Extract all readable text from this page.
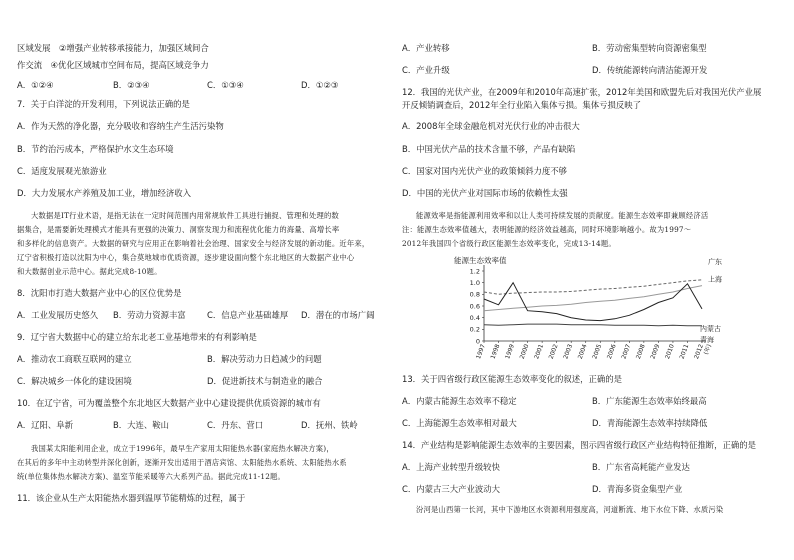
区域发展　②增强产业转移承接能力，加强区域间合
作交流　④优化区域城市空间布局，提高区域竞争力
A．①②④	B．②③④	C．①③④	D．①②③
7．关于白洋淀的开发利用，下列说法正确的是
A．作为天然的净化器，充分吸收和容纳生产生活污染物
B．节约治污成本，严格保护水文生态环境
C．适度发展观光旅游业
D．大力发展水产养殖及加工业，增加经济收入
大数据是IT行业术语，是指无法在一定时间范围内用常规软件工具进行捕捉、管理和处理的数
据集合，是需要新处理模式才能具有更强的决策力、洞察发现力和流程优化能力的海量、高增长率
和多样化的信息资产。大数据的研究与应用正在影响着社会治理、国家安全与经济发展的新动能。近年来，
辽宁省积极打造以沈阳为中心，集合莫地城市优质资源，逐步建设面向整个东北地区的大数据产业中心
和大数据创业示范中心。据此完成8-10题。
8．沈阳市打造大数据产业中心的区位优势是
A．工业发展历史悠久 B．劳动力资源丰富	C．信息产业基础雄厚 D．潜在的市场广阔
9．辽宁省大数据中心的建立给东北老工业基地带来的有利影响是
A．推动农工商联互联网的建立	B．解决劳动力日趋减少的问题
C．解决城乡一体化的建设困境	D．促进新技术与制造业的融合
10．在辽宁省，可为覆盖整个东北地区大数据产业中心建设提供优质资源的城市有
A．辽阳、阜新	B．大连、鞍山	C．丹东、营口	D．抚州、铁岭
我国某太阳能利用企业，成立于1996年，最早生产家用太阳能热水器(家庭热水解决方案)，
在其后的多年中主动转型并深化创新，逐渐开发出适用于酒店宾馆、太阳能热水系统、太阳能热水系
统(单位集体热水解决方案)、温室节能采暖等六大系列产品。据此完成11-12题。
11．该企业从生产太阳能热水器到温厚节能精炼的过程，属于
A．产业转移	B．劳动密集型转向资源密集型
C．产业升级	D．传统能源转向清洁能源开发
12．我国的光伏产业，在2009年和2010年高速扩张，2012年美国和欧盟先后对我国光伏产业展
开反倾销调查后，2012年全行业陷入集体亏损。集体亏损反映了
A．2008年全球金融危机对光伏行业的冲击很大
B．中国光伏产品的技术含量不够，产品有缺陷
C．国家对国内光伏产业的政策倾斜力度不够
D．中国的光伏产业对国际市场的依赖性太强
能源效率是指能源利用效率和以让人类可持续发展的贡献度。能源生态效率即兼顾经济活
注：能源生态效率值越大，表明能源的经济效益越高，同时环境影响越小。故为1997～
2012年我国四个省级行政区能源生态效率变化，完成13-14题。
能源生态效率值
0
0.2
0.4
0.6
0.8
1.0
1.2
1997 1998 1999 2000 2001 2002 2003 2004 2005 2006 2007 2008 2009 2010 2011 2012
(年)
广东
上海
内蒙古
青海
13．关于四省级行政区能源生态效率变化的叙述，正确的是
A．内蒙古能源生态效率不稳定	B．广东能源生态效率始终最高
C．上海能源生态效率相对最大	D．青海能源生态效率持续降低
14．产业结构是影响能源生态效率的主要因素，图示四省级行政区产业结构特征推断，正确的是
A．上海产业转型升级较快	B．广东省高耗能产业发达
C．内蒙古三大产业波动大	D．青海多资金集型产业
汾河是山西第一长河，其中下游地区水资源利用强度高，河道断流、地下水位下降、水质污染
